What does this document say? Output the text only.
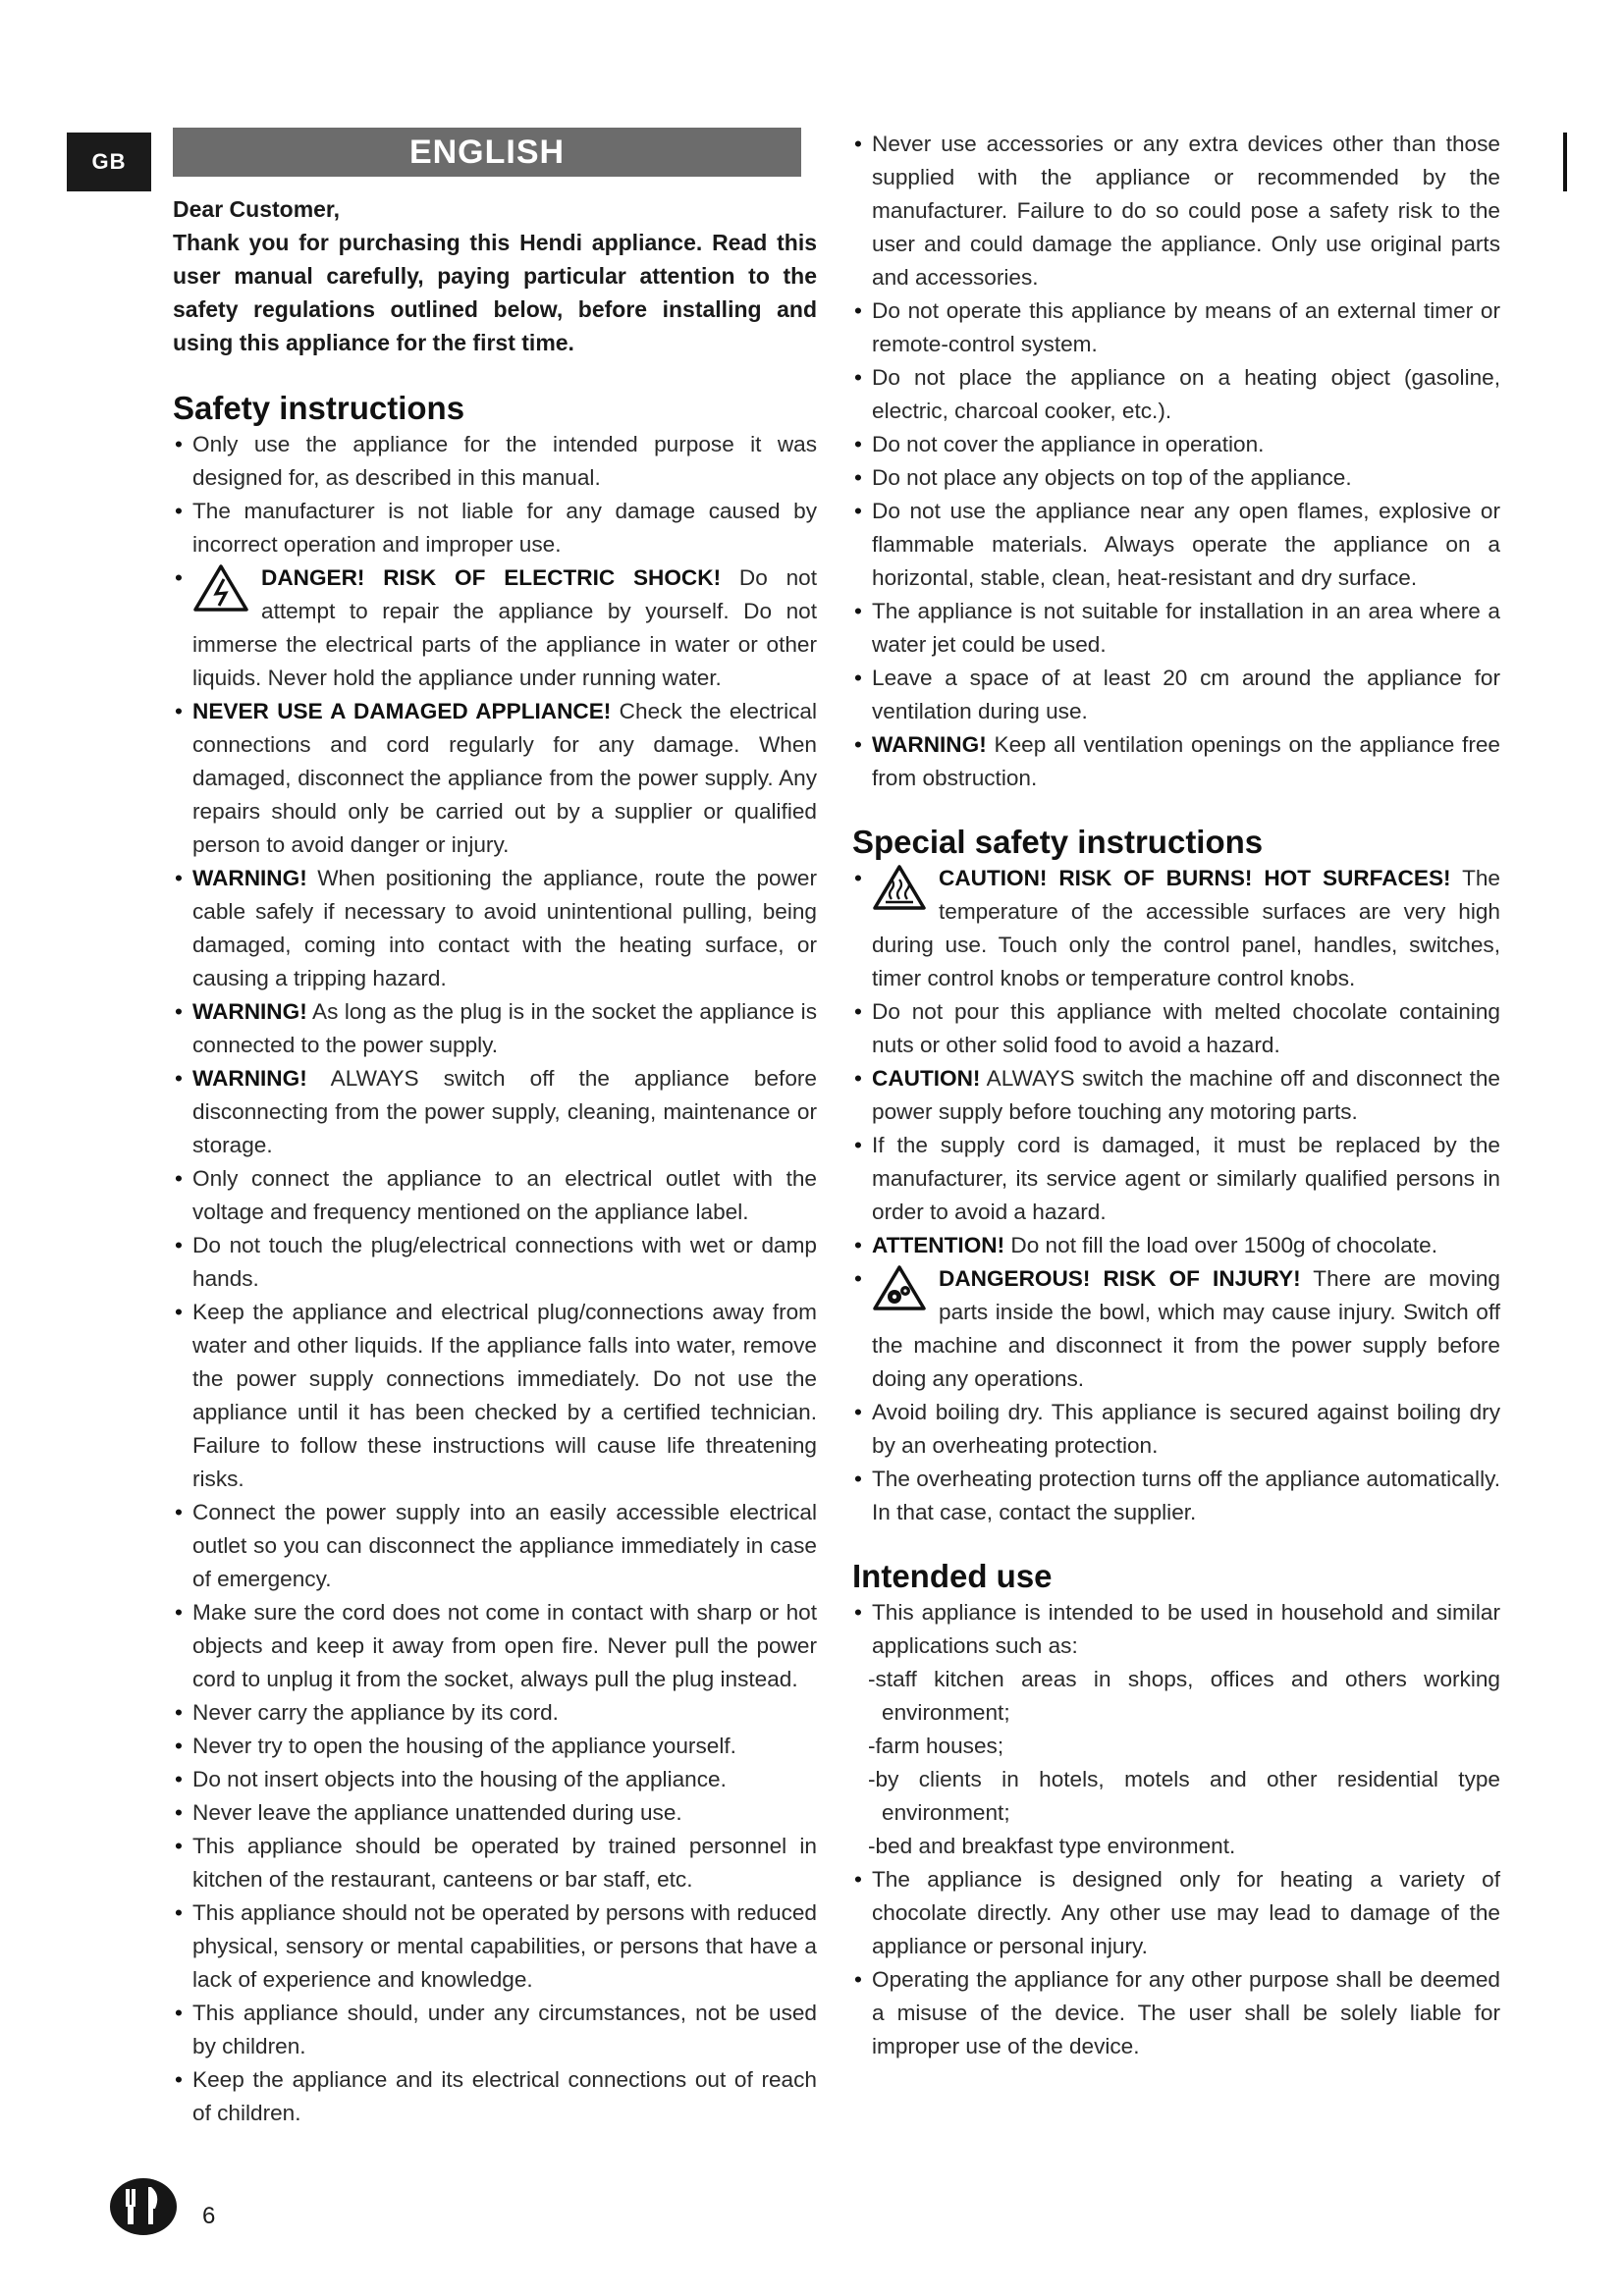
GB	ENGLISH

Dear Customer,

Thank you for purchasing this Hendi appliance. Read this user manual carefully, paying particular attention to the safety regulations outlined below, before installing and using this appliance for the first time.

Safety instructions
• Only use the appliance for the intended purpose it was designed for, as described in this manual.
• The manufacturer is not liable for any damage caused by incorrect operation and improper use.
• DANGER! RISK OF ELECTRIC SHOCK! Do not attempt to repair the appliance by yourself. Do not immerse the electrical parts of the appliance in water or other liquids. Never hold the appliance under running water.
• NEVER USE A DAMAGED APPLIANCE! Check the electrical connections and cord regularly for any damage. When damaged, disconnect the appliance from the power supply. Any repairs should only be carried out by a supplier or qualified person to avoid danger or injury.
• WARNING! When positioning the appliance, route the power cable safely if necessary to avoid unintentional pulling, being damaged, coming into contact with the heating surface, or causing a tripping hazard.
• WARNING! As long as the plug is in the socket the appliance is connected to the power supply.
• WARNING! ALWAYS switch off the appliance before disconnecting from the power supply, cleaning, maintenance or storage.
• Only connect the appliance to an electrical outlet with the voltage and frequency mentioned on the appliance label.
• Do not touch the plug/electrical connections with wet or damp hands.
• Keep the appliance and electrical plug/connections away from water and other liquids. If the appliance falls into water, remove the power supply connections immediately. Do not use the appliance until it has been checked by a certified technician. Failure to follow these instructions will cause life threatening risks.
• Connect the power supply into an easily accessible electrical outlet so you can disconnect the appliance immediately in case of emergency.
• Make sure the cord does not come in contact with sharp or hot objects and keep it away from open fire. Never pull the power cord to unplug it from the socket, always pull the plug instead.
• Never carry the appliance by its cord.
• Never try to open the housing of the appliance yourself.
• Do not insert objects into the housing of the appliance.
• Never leave the appliance unattended during use.
• This appliance should be operated by trained personnel in kitchen of the restaurant, canteens or bar staff, etc.
• This appliance should not be operated by persons with reduced physical, sensory or mental capabilities, or persons that have a lack of experience and knowledge.
• This appliance should, under any circumstances, not be used by children.
• Keep the appliance and its electrical connections out of reach of children.
• Never use accessories or any extra devices other than those supplied with the appliance or recommended by the manufacturer. Failure to do so could pose a safety risk to the user and could damage the appliance. Only use original parts and accessories.
• Do not operate this appliance by means of an external timer or remote-control system.
• Do not place the appliance on a heating object (gasoline, electric, charcoal cooker, etc.).
• Do not cover the appliance in operation.
• Do not place any objects on top of the appliance.
• Do not use the appliance near any open flames, explosive or flammable materials. Always operate the appliance on a horizontal, stable, clean, heat-resistant and dry surface.
• The appliance is not suitable for installation in an area where a water jet could be used.
• Leave a space of at least 20 cm around the appliance for ventilation during use.
• WARNING! Keep all ventilation openings on the appliance free from obstruction.
Special safety instructions
• CAUTION! RISK OF BURNS! HOT SURFACES! The temperature of the accessible surfaces are very high during use. Touch only the control panel, handles, switches, timer control knobs or temperature control knobs.
• Do not pour this appliance with melted chocolate containing nuts or other solid food to avoid a hazard.
• CAUTION! ALWAYS switch the machine off and disconnect the power supply before touching any motoring parts.
• If the supply cord is damaged, it must be replaced by the manufacturer, its service agent or similarly qualified persons in order to avoid a hazard.
• ATTENTION! Do not fill the load over 1500g of chocolate.
• DANGEROUS! RISK OF INJURY! There are moving parts inside the bowl, which may cause injury. Switch off the machine and disconnect it from the power supply before doing any operations.
• Avoid boiling dry. This appliance is secured against boiling dry by an overheating protection.
• The overheating protection turns off the appliance automatically. In that case, contact the supplier.
Intended use
• This appliance is intended to be used in household and similar applications such as:
-staff kitchen areas in shops, offices and others working environment;
-farm houses;
-by clients in hotels, motels and other residential type environment;
-bed and breakfast type environment.
• The appliance is designed only for heating a variety of chocolate directly. Any other use may lead to damage of the appliance or personal injury.
• Operating the appliance for any other purpose shall be deemed a misuse of the device. The user shall be solely liable for improper use of the device.
6
